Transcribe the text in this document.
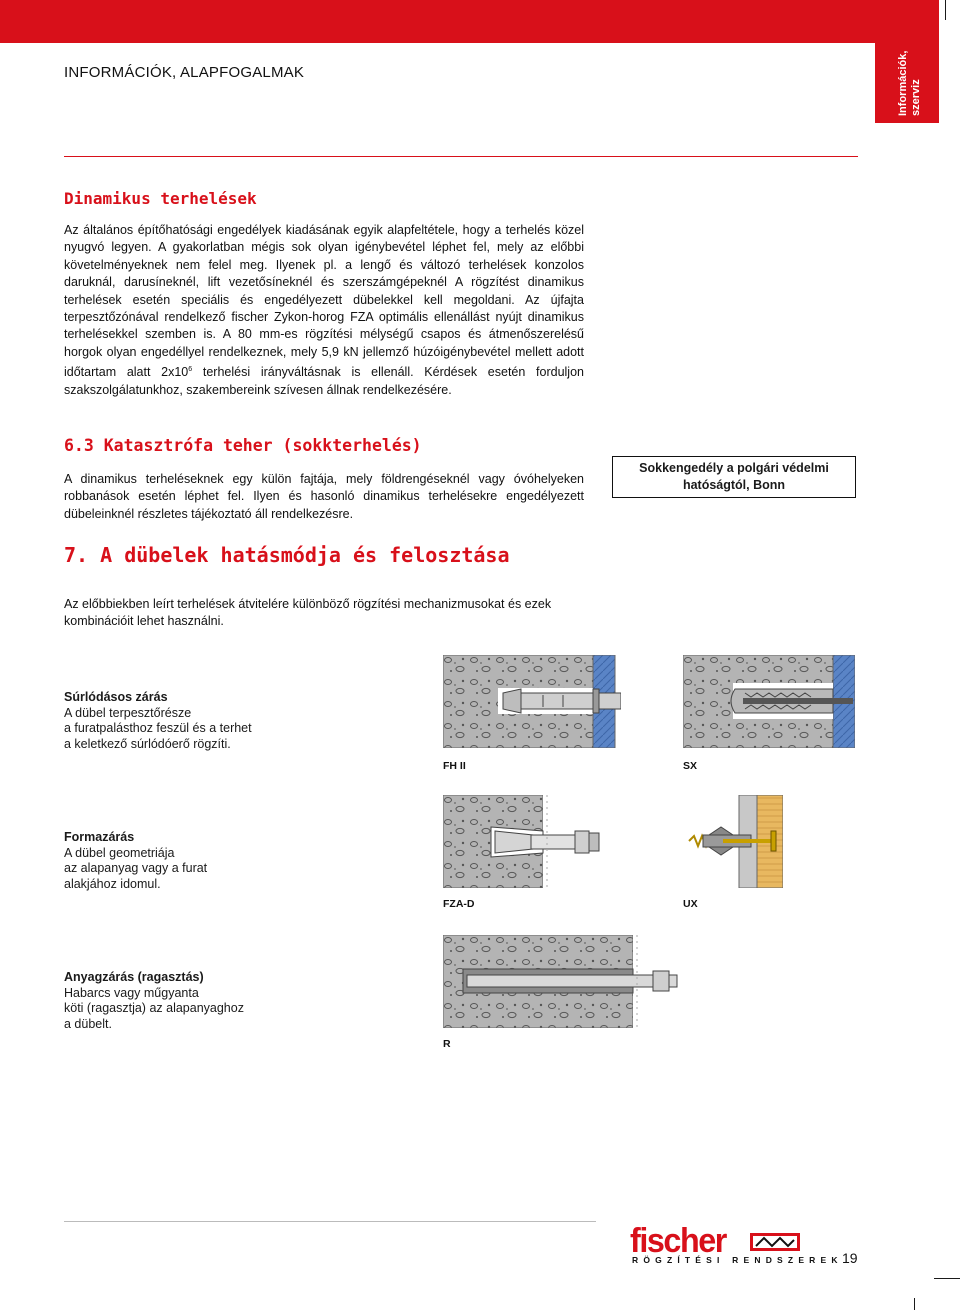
Információk,
szerviz
INFORMÁCIÓK, ALAPFOGALMAK
Dinamikus terhelések
Az általános építőhatósági engedélyek kiadásának egyik alapfeltétele, hogy a terhelés közel nyugvó legyen. A gyakorlatban mégis sok olyan igénybevétel léphet fel, mely az előbbi követelményeknek nem felel meg. Ilyenek pl. a lengő és változó terhelések konzolos daruknál, darusíneknél, lift vezetősíneknél és szerszámgépeknél A rögzítést dinamikus terhelések esetén speciális és engedélyezett dübelekkel kell megoldani. Az újfajta terpesztőzónával rendelkező fischer Zykon-horog FZA optimális ellenállást nyújt dinamikus terhelésekkel szemben is. A 80 mm-es rögzítési mélységű csapos és átmenőszerelésű horgok olyan engedéllyel rendelkeznek, mely 5,9 kN jellemző húzóigénybevétel mellett adott időtartam alatt $2x10^6$ terhelési irányváltásnak is ellenáll. Kérdések esetén forduljon szakszolgálatunkhoz, szakembereink szívesen állnak rendelkezésére.
6.3 Katasztrófa teher (sokkterhelés)
A dinamikus terheléseknek egy külön fajtája, mely földrengéseknél vagy óvóhelyeken robbanások esetén léphet fel. Ilyen és hasonló dinamikus terhelésekre engedélyezett dübeleinknél részletes tájékoztató áll rendelkezésre.
Sokkengedély a polgári védelmi hatóságtól, Bonn
7. A dübelek hatásmódja és felosztása
Az előbbiekben leírt terhelések átvitelére különböző rögzítési mechanizmusokat és ezek kombinációit lehet használni.
Súrlódásos zárás
A dübel terpesztőrésze
a furatpalásthoz feszül és a terhet
a keletkező súrlódóerő rögzíti.
Formazárás
A dübel geometriája
az alapanyag vagy a furat
alakjához idomul.
Anyagzárás (ragasztás)
Habarcs vagy műgyanta
köti (ragasztja) az alapanyaghoz
a dübelt.
FH II	SX
FZA-D	UX
R
fischer
RÖGZÍTÉSI RENDSZEREK 19
